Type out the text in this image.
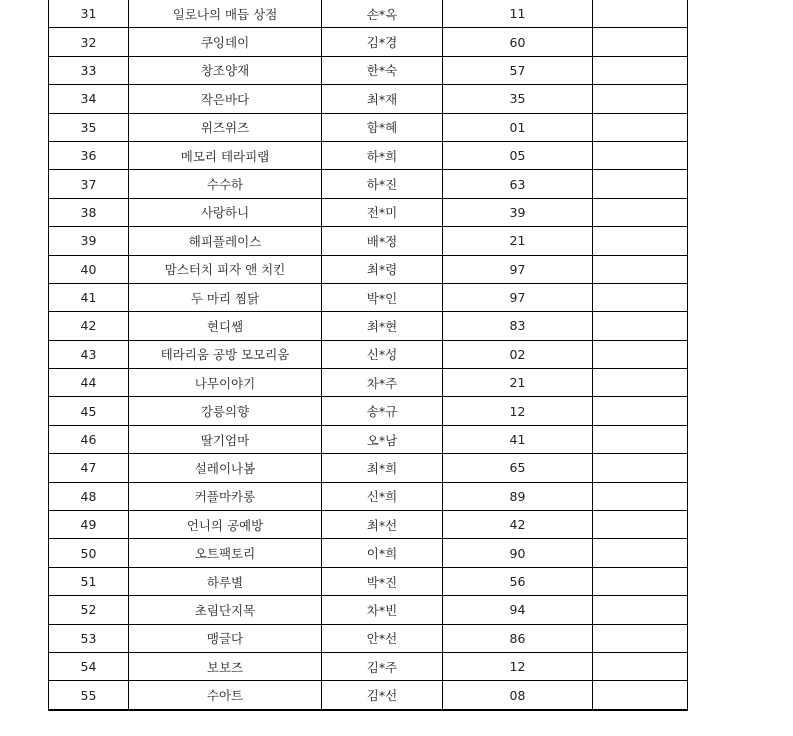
31	일로나의 매듭 상점	손*옥	11	
32	쿠잉데이	김*경	60	
33	창조양재	한*숙	57	
34	작은바다	최*재	35	
35	위즈위즈	함*혜	01	
36	메모리 테라피랩	하*희	05	
37	수수하	하*진	63	
38	사랑하니	전*미	39	
39	해피플레이스	배*정	21	
40	맘스터치 피자 앤 치킨	최*령	97	
41	두 마리 찜닭	박*인	97	
42	현디쌤	최*현	83	
43	테라리움 공방 모모리움	신*성	02	
44	나무이야기	차*주	21	
45	강릉의향	송*규	12	
46	딸기엄마	오*남	41	
47	설레이나봄	최*희	65	
48	커플마카롱	신*희	89	
49	언니의 공예방	최*선	42	
50	오트팩토리	이*희	90	
51	하루별	박*진	56	
52	초림단지목	차*빈	94	
53	맹글다	안*선	86	
54	보보즈	김*주	12	
55	수아트	김*선	08	
